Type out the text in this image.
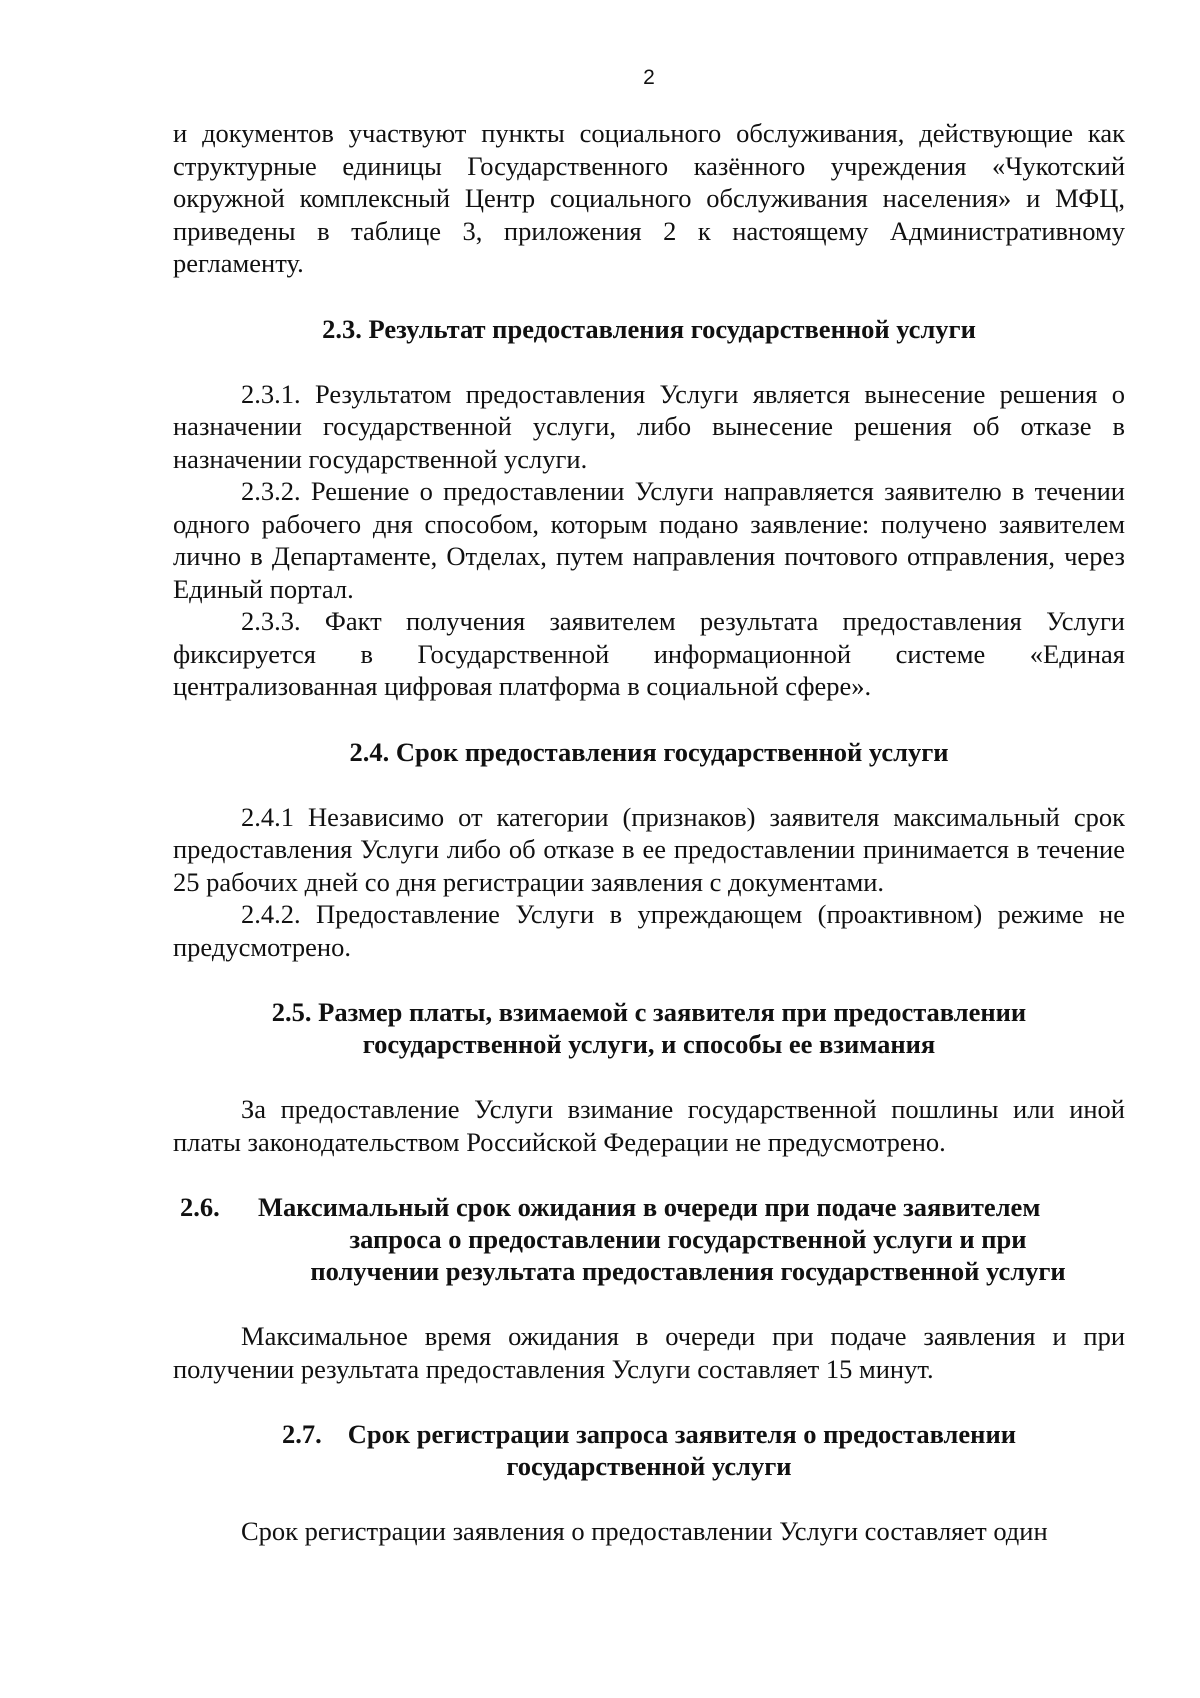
2

и документов участвуют пункты социального обслуживания, действующие как структурные единицы Государственного казённого учреждения «Чукотский окружной комплексный Центр социального обслуживания населения» и МФЦ, приведены в таблице 3, приложения 2 к настоящему Административному регламенту.

2.3. Результат предоставления государственной услуги

2.3.1. Результатом предоставления Услуги является вынесение решения о назначении государственной услуги, либо вынесение решения об отказе в назначении государственной услуги.

2.3.2. Решение о предоставлении Услуги направляется заявителю в течении одного рабочего дня способом, которым подано заявление: получено заявителем лично в Департаменте, Отделах, путем направления почтового отправления, через Единый портал.

2.3.3. Факт получения заявителем результата предоставления Услуги фиксируется в Государственной информационной системе «Единая централизованная цифровая платформа в социальной сфере».

2.4. Срок предоставления государственной услуги

2.4.1 Независимо от категории (признаков) заявителя максимальный срок предоставления Услуги либо об отказе в ее предоставлении принимается в течение 25 рабочих дней со дня регистрации заявления с документами.

2.4.2. Предоставление Услуги в упреждающем (проактивном) режиме не предусмотрено.

2.5. Размер платы, взимаемой с заявителя при предоставлении
государственной услуги, и способы ее взимания

За предоставление Услуги взимание государственной пошлины или иной платы законодательством Российской Федерации не предусмотрено.

2.6.	Максимальный срок ожидания в очереди при подаче заявителем
запроса о предоставлении государственной услуги и при
получении результата предоставления государственной услуги

Максимальное время ожидания в очереди при подаче заявления и при получении результата предоставления Услуги составляет 15 минут.

2.7. Срок регистрации запроса заявителя о предоставлении
государственной услуги

Срок регистрации заявления о предоставлении Услуги составляет один
